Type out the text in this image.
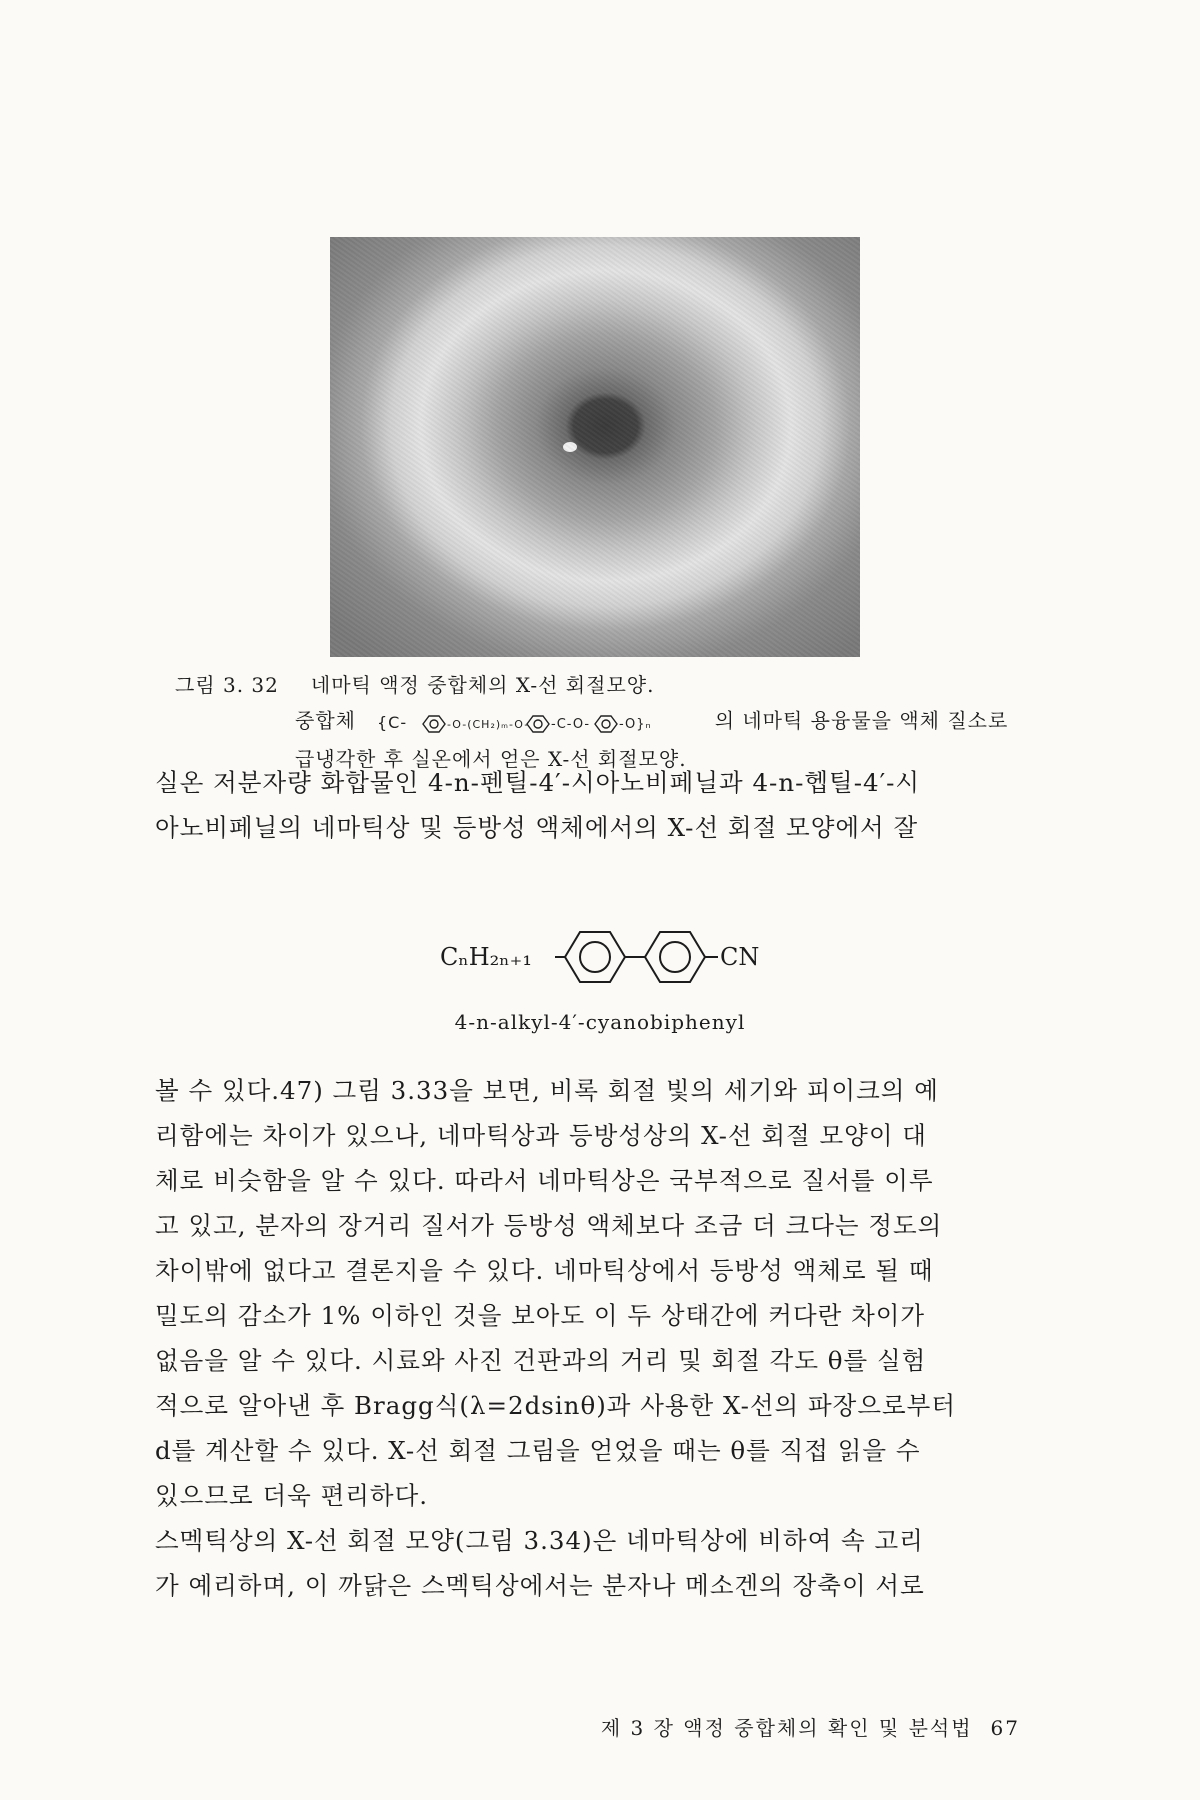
그림 3. 32 네마틱 액정 중합체의 X-선 회절모양.
중합체 {C-	-O-(CH₂)ₘ-O- -C-O- -O}ₙ	의 네마틱 용융물을 액체 질소로
급냉각한 후 실온에서 얻은 X-선 회절모양.
실온 저분자량 화합물인 4-n-펜틸-4′-시아노비페닐과 4-n-헵틸-4′-시
아노비페닐의 네마틱상 및 등방성 액체에서의 X-선 회절 모양에서 잘
CₙH₂ₙ₊₁	CN
4-n-alkyl-4′-cyanobiphenyl
볼 수 있다.47) 그림 3.33을 보면, 비록 회절 빛의 세기와 피이크의 예
리함에는 차이가 있으나, 네마틱상과 등방성상의 X-선 회절 모양이 대
체로 비슷함을 알 수 있다. 따라서 네마틱상은 국부적으로 질서를 이루
고 있고, 분자의 장거리 질서가 등방성 액체보다 조금 더 크다는 정도의
차이밖에 없다고 결론지을 수 있다. 네마틱상에서 등방성 액체로 될 때
밀도의 감소가 1% 이하인 것을 보아도 이 두 상태간에 커다란 차이가
없음을 알 수 있다. 시료와 사진 건판과의 거리 및 회절 각도 θ를 실험
적으로 알아낸 후 Bragg식(λ=2dsinθ)과 사용한 X-선의 파장으로부터
d를 계산할 수 있다. X-선 회절 그림을 얻었을 때는 θ를 직접 읽을 수
있으므로 더욱 편리하다.
스멕틱상의 X-선 회절 모양(그림 3.34)은 네마틱상에 비하여 속 고리
가 예리하며, 이 까닭은 스멕틱상에서는 분자나 메소겐의 장축이 서로
제 3 장 액정 중합체의 확인 및 분석법 67
